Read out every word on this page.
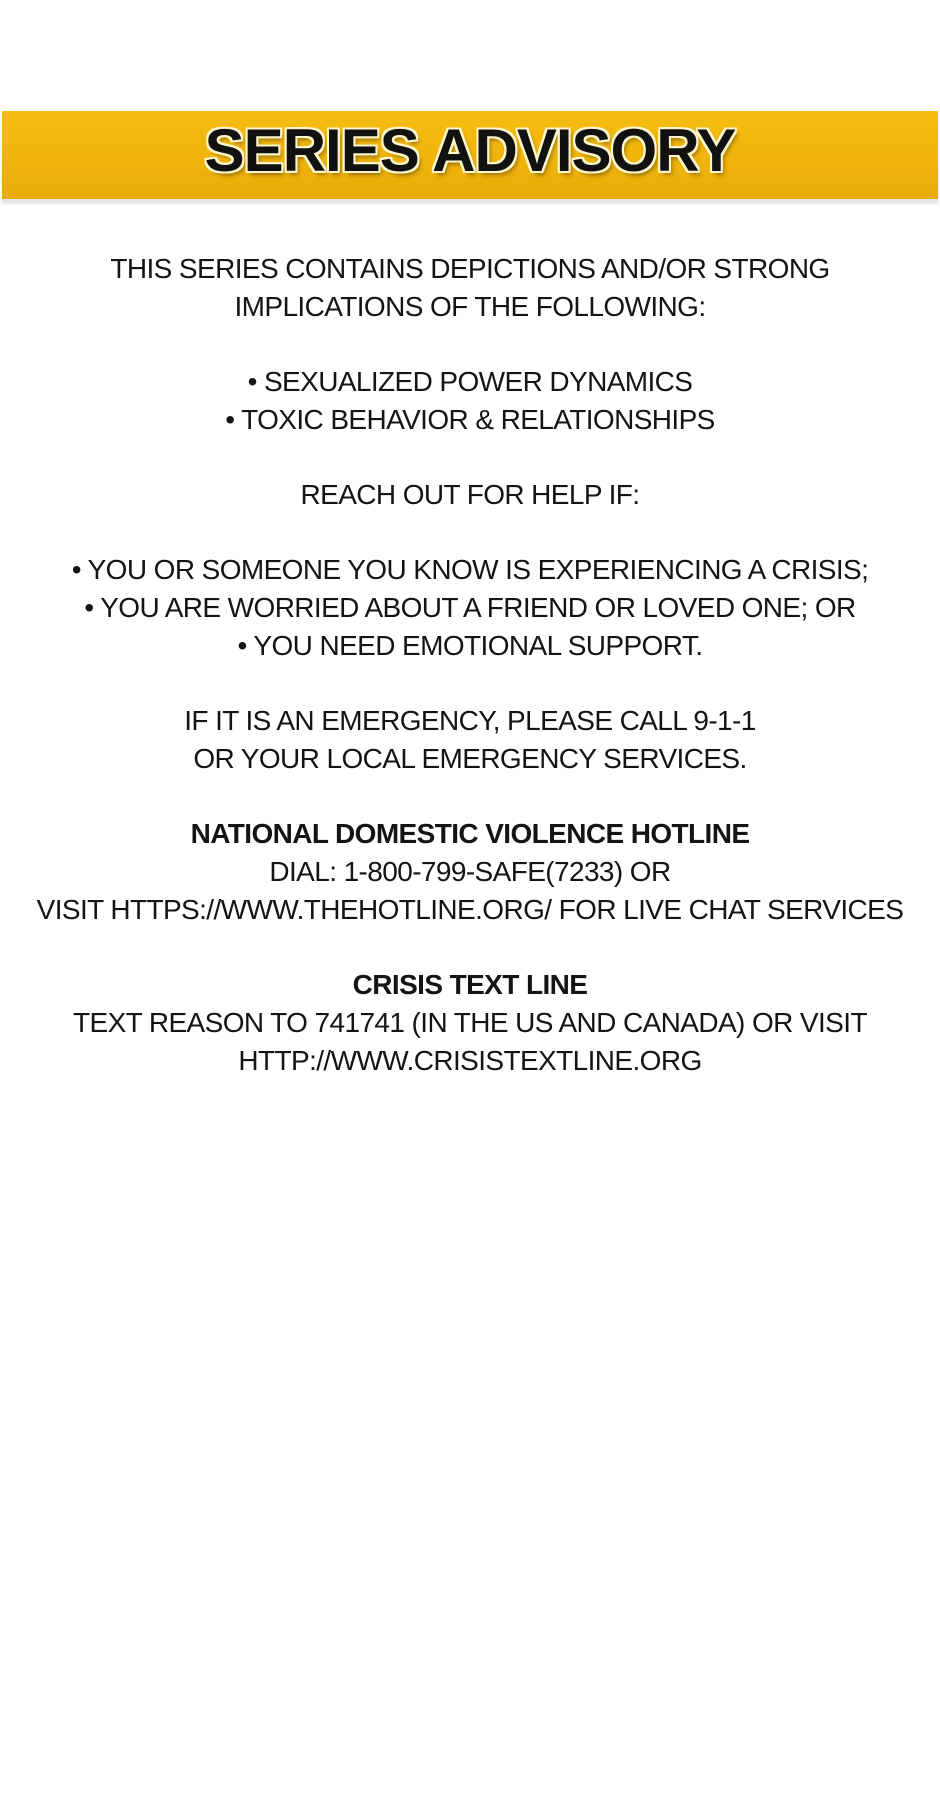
SERIES ADVISORY
THIS SERIES CONTAINS DEPICTIONS AND/OR STRONG
IMPLICATIONS OF THE FOLLOWING:
• SEXUALIZED POWER DYNAMICS
• TOXIC BEHAVIOR & RELATIONSHIPS
REACH OUT FOR HELP IF:
• YOU OR SOMEONE YOU KNOW IS EXPERIENCING A CRISIS;
• YOU ARE WORRIED ABOUT A FRIEND OR LOVED ONE; OR
• YOU NEED EMOTIONAL SUPPORT.
IF IT IS AN EMERGENCY, PLEASE CALL 9-1-1
OR YOUR LOCAL EMERGENCY SERVICES.
NATIONAL DOMESTIC VIOLENCE HOTLINE
DIAL: 1-800-799-SAFE(7233) OR
VISIT HTTPS://WWW.THEHOTLINE.ORG/ FOR LIVE CHAT SERVICES
CRISIS TEXT LINE
TEXT REASON TO 741741 (IN THE US AND CANADA) OR VISIT
HTTP://WWW.CRISISTEXTLINE.ORG
